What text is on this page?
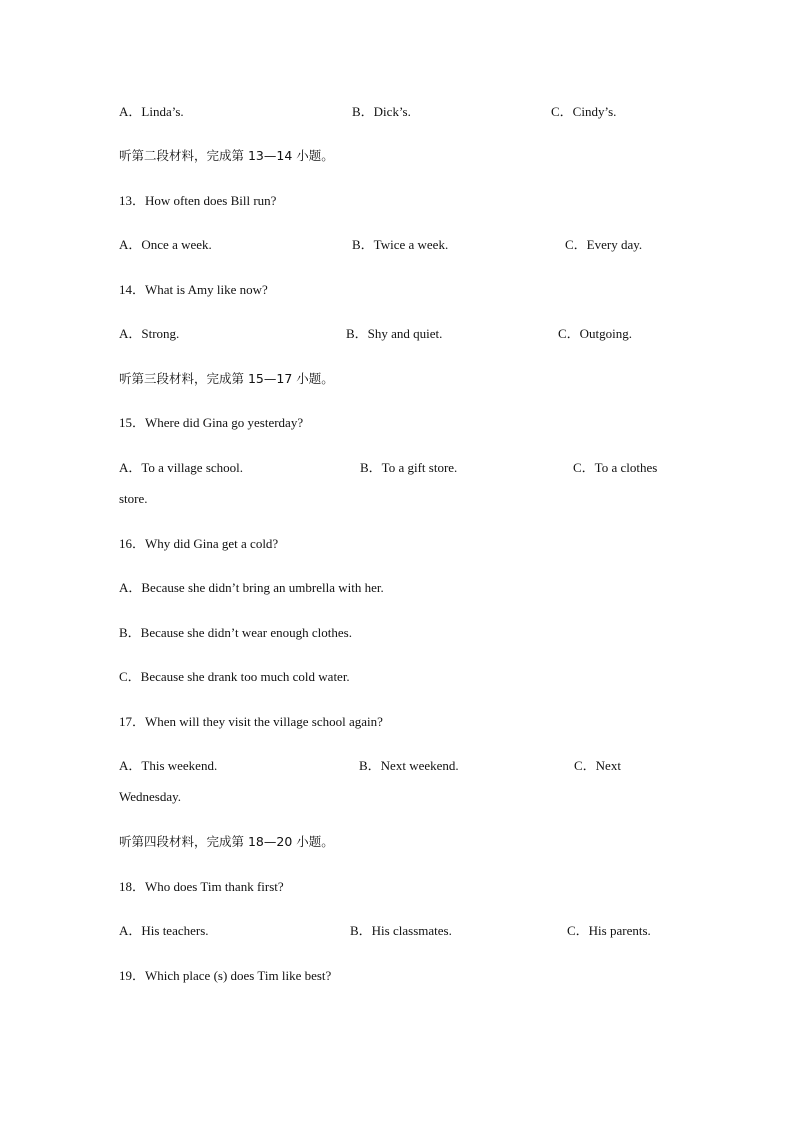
A．Linda’s.	B．Dick’s.	C．Cindy’s.
听第二段材料，完成第 13—14 小题。
13．How often does Bill run?
A．Once a week.	B．Twice a week.	C．Every day.
14．What is Amy like now?
A．Strong.	B．Shy and quiet.	C．Outgoing.
听第三段材料，完成第 15—17 小题。
15．Where did Gina go yesterday?
A．To a village school.	B．To a gift store.	C．To a clothes
store.
16．Why did Gina get a cold?
A．Because she didn’t bring an umbrella with her.
B．Because she didn’t wear enough clothes.
C．Because she drank too much cold water.
17．When will they visit the village school again?
A．This weekend.	B．Next weekend.	C．Next
Wednesday.
听第四段材料，完成第 18—20 小题。
18．Who does Tim thank first?
A．His teachers.	B．His classmates.	C．His parents.
19．Which place (s) does Tim like best?
